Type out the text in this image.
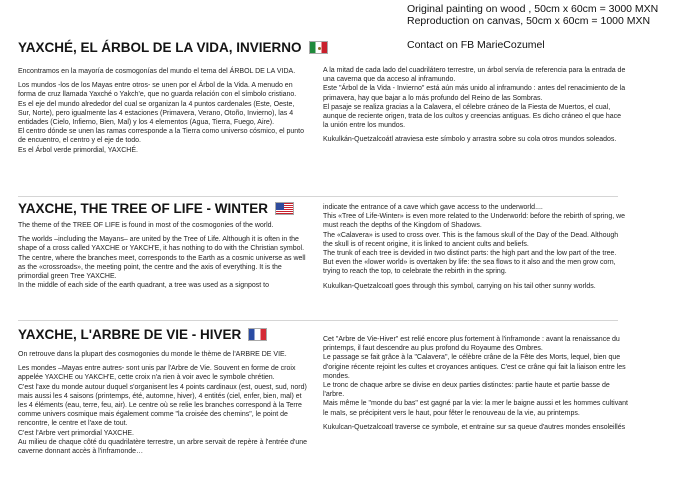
Original painting on wood , 50cm x 60cm = 3000 MXN
Reproduction on canvas, 50cm x 60cm = 1000 MXN
Contact on FB MarieCozumel
YAXCHÉ, EL ÁRBOL DE LA VIDA, INVIERNO

Encontramos en la mayoría de cosmogonías del mundo el tema del ÁRBOL DE LA VIDA.

Los mundos -los de los Mayas entre otros- se unen por el Árbol de la Vida. A menudo en forma de cruz llamada Yaxché o Yakch'e, que no guarda relación con el símbolo cristiano.

Es el eje del mundo alrededor del cual se organizan la 4 puntos cardenales (Este, Oeste, Sur, Norte), pero igualmente las 4 estaciones (Primavera, Verano, Otoño, Invierno), las 4 entidades (Cielo, Infierno, Bien, Mal) y los 4 elementos (Agua, Tierra, Fuego, Aire).

El centro dónde se unen las ramas corresponde a la Tierra como universo cósmico, el punto de encuentro, el centro y el eje de todo.

Es el Árbol verde primordial, YAXCHÉ.

A la mitad de cada lado del cuadrilátero terrestre, un árbol servía de referencia para la entrada de una caverna que da acceso al inframundo.

Este "Árbol de la Vida - Invierno" está aún más unido al inframundo : antes del renacimiento de la primavera, hay que bajar a lo más profundo del Reino de las Sombras.

El pasaje se realiza gracias a la Calavera, el célebre cráneo de la Fiesta de Muertos, el cual, aunque de reciente origen, trata de los cultos y creencias antiguas. Es dicho cráneo el que hace la unión entre los mundos.

Kukulkán-Quetzalcoátl atraviesa este símbolo y arrastra sobre su cola otros mundos soleados.

YAXCHE, THE TREE OF LIFE - WINTER

The theme of the TREE OF LIFE is found in most of the cosmogonies of the world.

The worlds –including the Mayans– are united by the Tree of Life. Although it is often in the shape of a cross called YAXCHE or YAKCH'E, it has nothing to do with the Christian symbol.

The centre, where the branches meet, corresponds to the Earth as a cosmic universe as well as the «crossroads», the meeting point, the centre and the axis of everything. It is the primordial green Tree YAXCHE.

In the middle of each side of the earth quadrant, a tree was used as a signpost to

indicate the entrance of a cave which gave access to the underworld....

This «Tree of Life-Winter» is even more related to the Underworld: before the rebirth of spring, we must reach the depths of the Kingdom of Shadows.

The «Calavera» is used to cross over. This is the famous skull of the Day of the Dead. Although the skull is of recent origine, it is linked to ancient cults and beliefs.

The trunk of each tree is devided in two distinct parts: the high part and the low part of the tree.

But even the «lower world» is overtaken by life: the sea flows to it also and the men grow corn, trying to reach the top, to celebrate the rebirth in the spring.

Kukulkan-Quetzalcoatl goes through this symbol, carrying on his tail other sunny worlds.

YAXCHE, L'ARBRE DE VIE - HIVER

On retrouve dans la plupart des cosmogonies du monde le thème de l'ARBRE DE VIE.

Les mondes –Mayas entre autres- sont unis par l'Arbre de Vie. Souvent en forme de croix appelée YAXCHE ou YAKCH'E, cette croix n'a rien à voir avec le symbole chrétien.

C'est l'axe du monde autour duquel s'organisent les 4 points cardinaux (est, ouest, sud, nord) mais aussi les 4 saisons (printemps, été, automne, hiver), 4 entités (ciel, enfer, bien, mal) et les 4 éléments (eau, terre, feu, air). Le centre où se relie les branches correspond à la Terre comme univers cosmique mais également comme "la croisée des chemins", le point de rencontre, le centre et l'axe de tout.

C'est l'Arbre vert primordial YAXCHE.

Au milieu de chaque côté du quadrilatère terrestre, un arbre servait de repère à l'entrée d'une caverne donnant accès à l'inframonde…

Cet "Arbre de Vie-Hiver" est relié encore plus fortement à l'inframonde : avant la renaissance du printemps, il faut descendre au plus profond du Royaume des Ombres.

Le passage se fait grâce à la "Calavera", le célèbre crâne de la Fête des Morts, lequel, bien que d'origine récente rejoint les cultes et croyances antiques. C'est ce crâne qui fait la liaison entre les mondes.

Le tronc de chaque arbre se divise en deux parties distinctes: partie haute et partie basse de l'arbre.

Mais même le "monde du bas" est gagné par la vie: la mer le baigne aussi et les hommes cultivant le maïs, se précipitent vers le haut, pour fêter le renouveau de la vie, au printemps.

Kukulcan-Quetzalcoatl traverse ce symbole, et entraine sur sa queue d'autres mondes ensoleillés
